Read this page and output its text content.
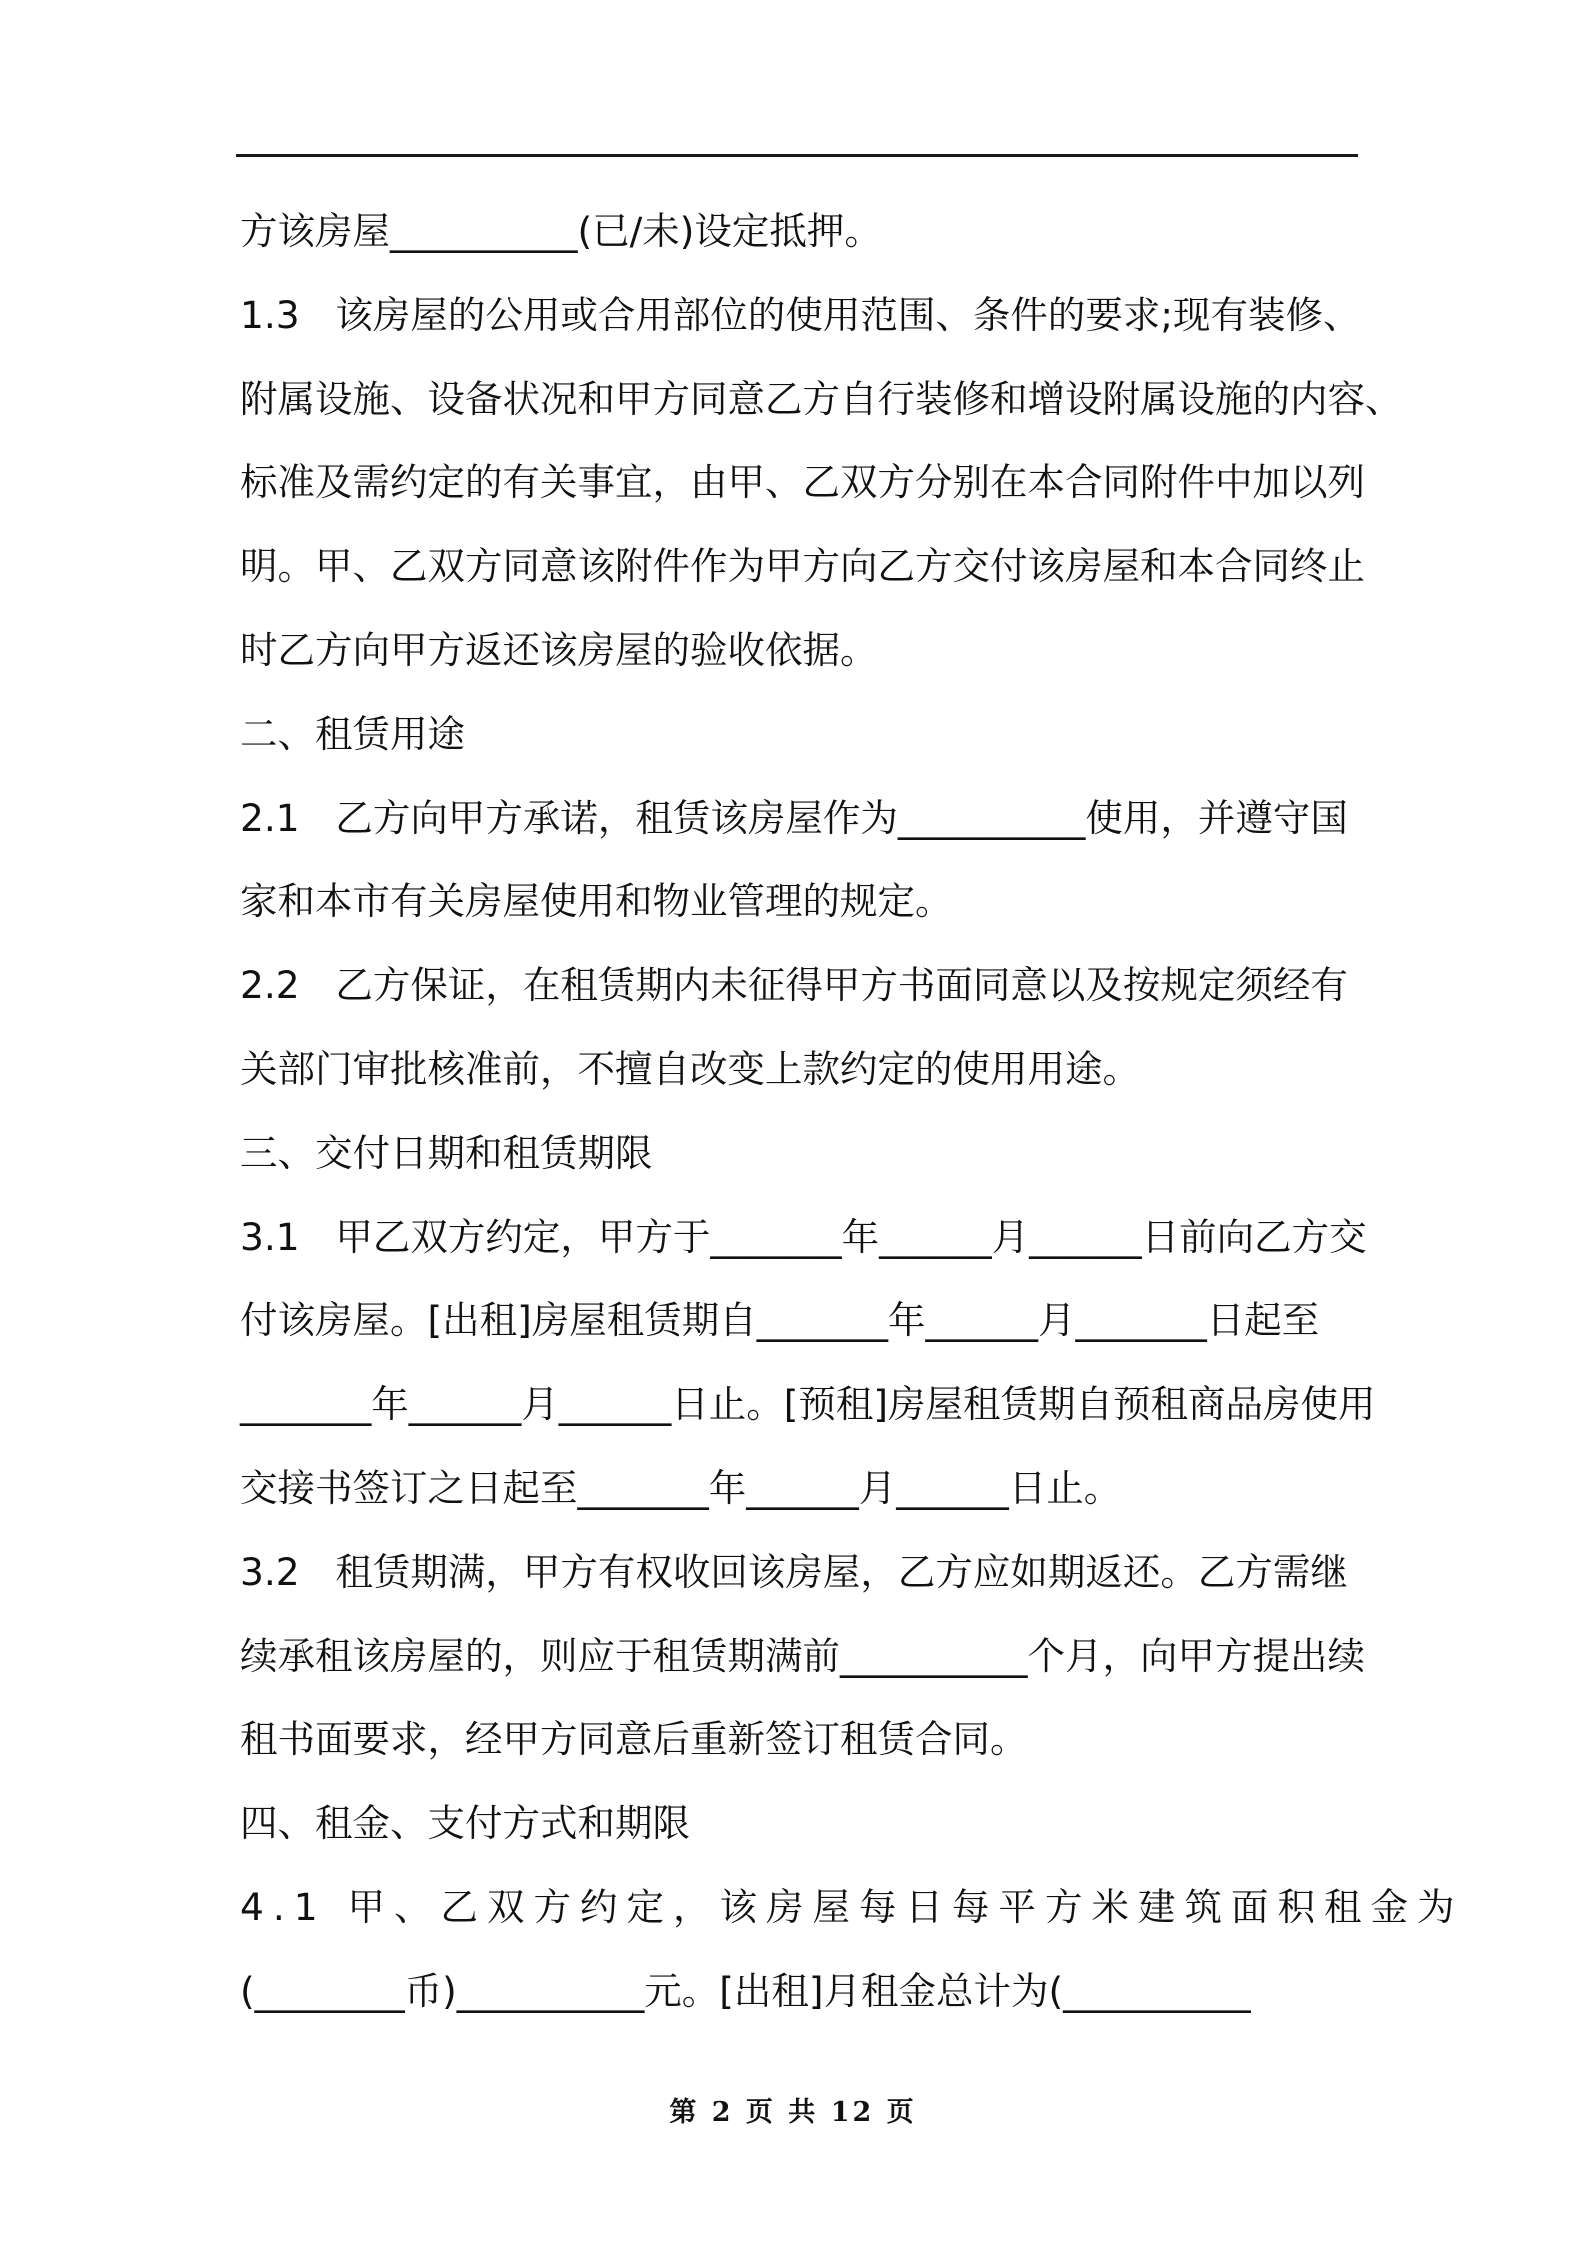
方该房屋__________(已/未)设定抵押。
1.3   该房屋的公用或合用部位的使用范围、条件的要求;现有装修、
附属设施、设备状况和甲方同意乙方自行装修和增设附属设施的内容、
标准及需约定的有关事宜，由甲、乙双方分别在本合同附件中加以列
明。甲、乙双方同意该附件作为甲方向乙方交付该房屋和本合同终止
时乙方向甲方返还该房屋的验收依据。
二、租赁用途
2.1   乙方向甲方承诺，租赁该房屋作为__________使用，并遵守国
家和本市有关房屋使用和物业管理的规定。
2.2   乙方保证，在租赁期内未征得甲方书面同意以及按规定须经有
关部门审批核准前，不擅自改变上款约定的使用用途。
三、交付日期和租赁期限
3.1   甲乙双方约定，甲方于_______年______月______日前向乙方交
付该房屋。[出租]房屋租赁期自_______年______月_______日起至
_______年______月______日止。[预租]房屋租赁期自预租商品房使用
交接书签订之日起至_______年______月______日止。
3.2   租赁期满，甲方有权收回该房屋，乙方应如期返还。乙方需继
续承租该房屋的，则应于租赁期满前__________个月，向甲方提出续
租书面要求，经甲方同意后重新签订租赁合同。
四、租金、支付方式和期限
4.1 甲、乙双方约定，该房屋每日每平方米建筑面积租金为
(________币)__________元。[出租]月租金总计为(__________
第 2 页 共 12 页
